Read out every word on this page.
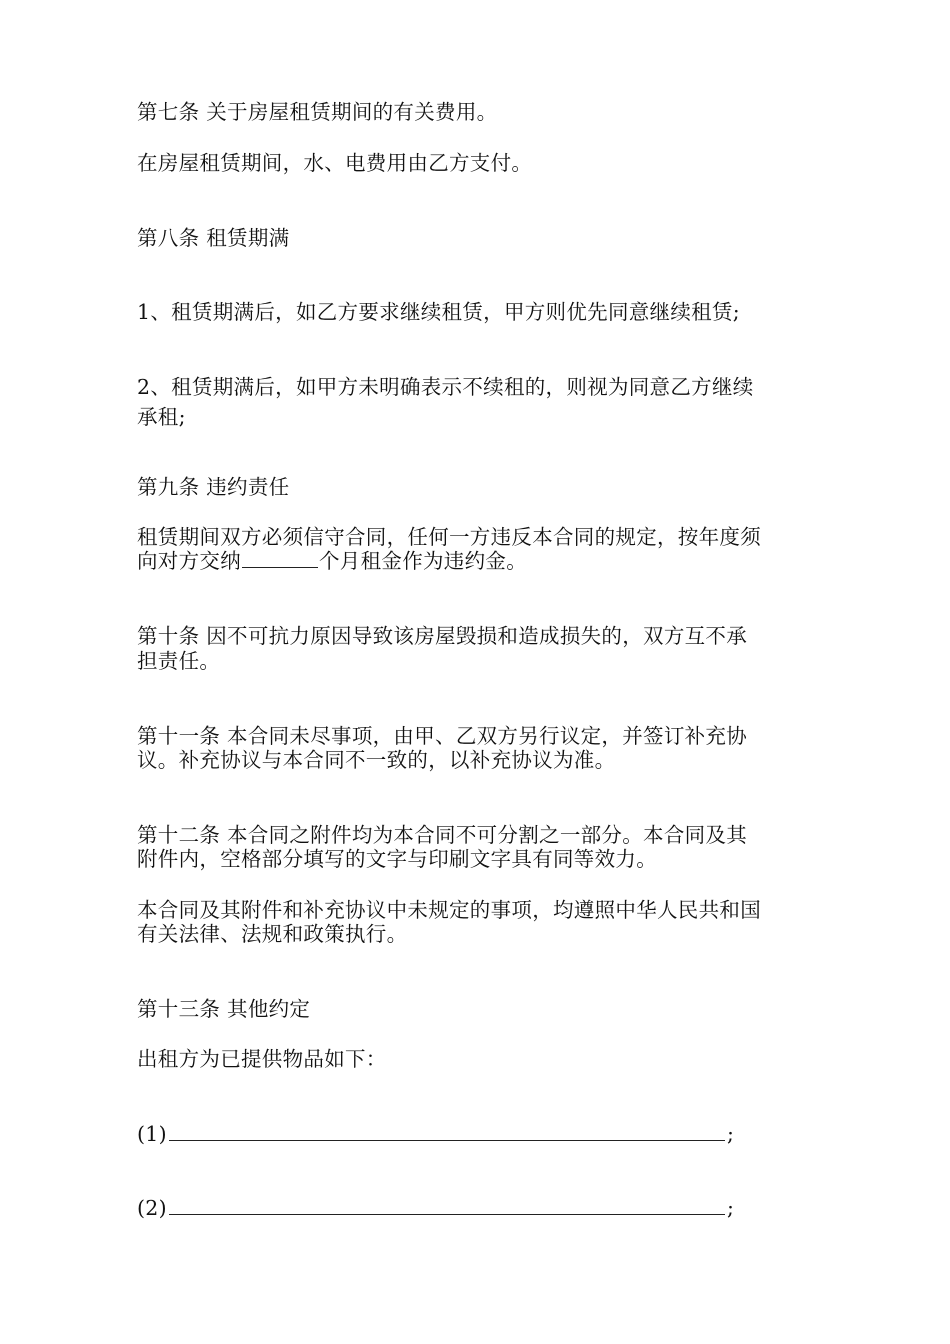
第七条 关于房屋租赁期间的有关费用。

在房屋租赁期间，水、电费用由乙方支付。

第八条 租赁期满

1、租赁期满后，如乙方要求继续租赁，甲方则优先同意继续租赁;

2、租赁期满后，如甲方未明确表示不续租的，则视为同意乙方继续

承租;

第九条 违约责任

租赁期间双方必须信守合同，任何一方违反本合同的规定，按年度须

向对方交纳	个月租金作为违约金。

第十条 因不可抗力原因导致该房屋毁损和造成损失的，双方互不承

担责任。

第十一条 本合同未尽事项，由甲、乙双方另行议定，并签订补充协

议。补充协议与本合同不一致的，以补充协议为准。

第十二条 本合同之附件均为本合同不可分割之一部分。本合同及其

附件内，空格部分填写的文字与印刷文字具有同等效力。

本合同及其附件和补充协议中未规定的事项，均遵照中华人民共和国

有关法律、法规和政策执行。

第十三条 其他约定

出租方为已提供物品如下：

(1)	;

(2)	;
